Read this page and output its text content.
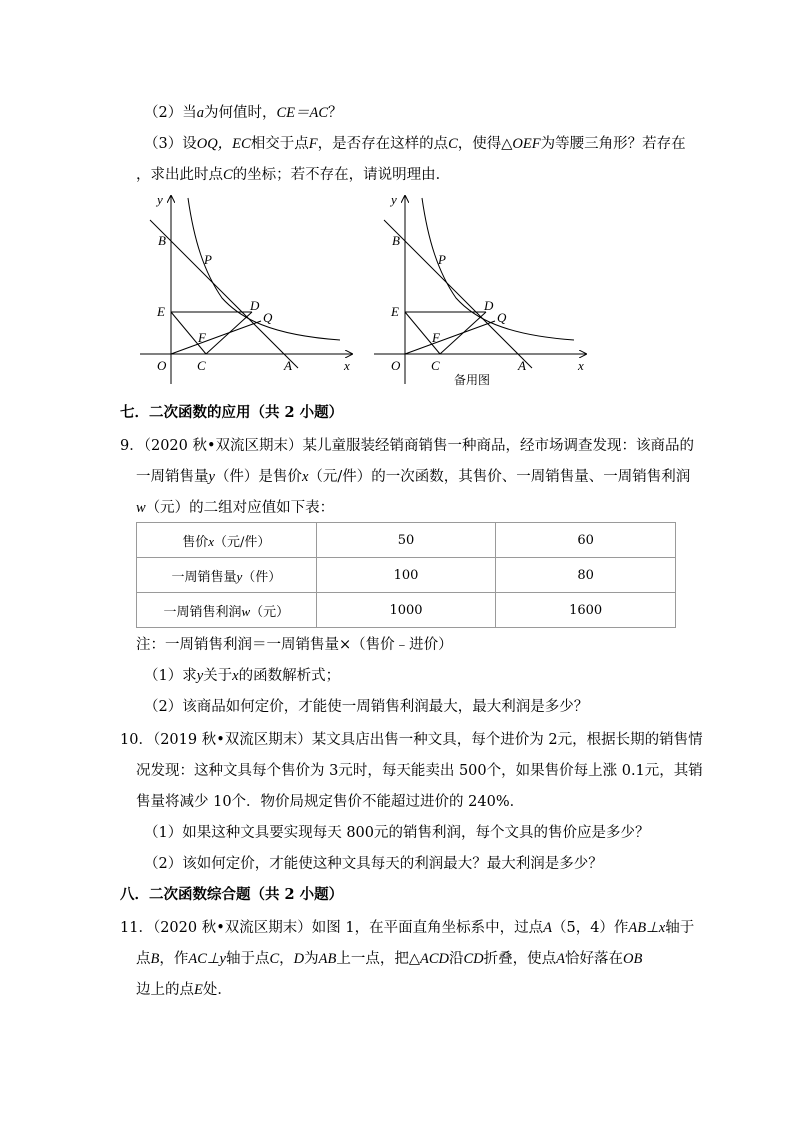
（2）当a为何值时，CE＝AC？
（3）设OQ，EC相交于点F，是否存在这样的点C，使得△OEF为等腰三角形？若存在
，求出此时点C的坐标；若不存在，请说明理由．
y
B
P
E	D
Q
F
O C	A	x
y
B
P
E	D
Q
F
O C	A	x
备用图
七．二次函数的应用（共 2 小题）
9．（2020 秋•双流区期末）某儿童服装经销商销售一种商品，经市场调查发现：该商品的
一周销售量y（件）是售价x（元/件）的一次函数，其售价、一周销售量、一周销售利润
w（元）的二组对应值如下表：
售价x（元/件）	50	60
一周销售量y（件）	100	80
一周销售利润w（元）	1000	1600
注：一周销售利润＝一周销售量×（售价﹣进价）
（1）求y关于x的函数解析式；
（2）该商品如何定价，才能使一周销售利润最大，最大利润是多少？
10．（2019 秋•双流区期末）某文具店出售一种文具，每个进价为 2元，根据长期的销售情
况发现：这种文具每个售价为 3元时，每天能卖出 500个，如果售价每上涨 0.1元，其销
售量将减少 10个．物价局规定售价不能超过进价的 240%．
（1）如果这种文具要实现每天 800元的销售利润，每个文具的售价应是多少？
（2）该如何定价，才能使这种文具每天的利润最大？最大利润是多少？
八．二次函数综合题（共 2 小题）
11．（2020 秋•双流区期末）如图 1，在平面直角坐标系中，过点A（5，4）作AB⊥x轴于
点B，作AC⊥y轴于点C，D为AB上一点，把△ACD沿CD折叠，使点A恰好落在OB
边上的点E处．
